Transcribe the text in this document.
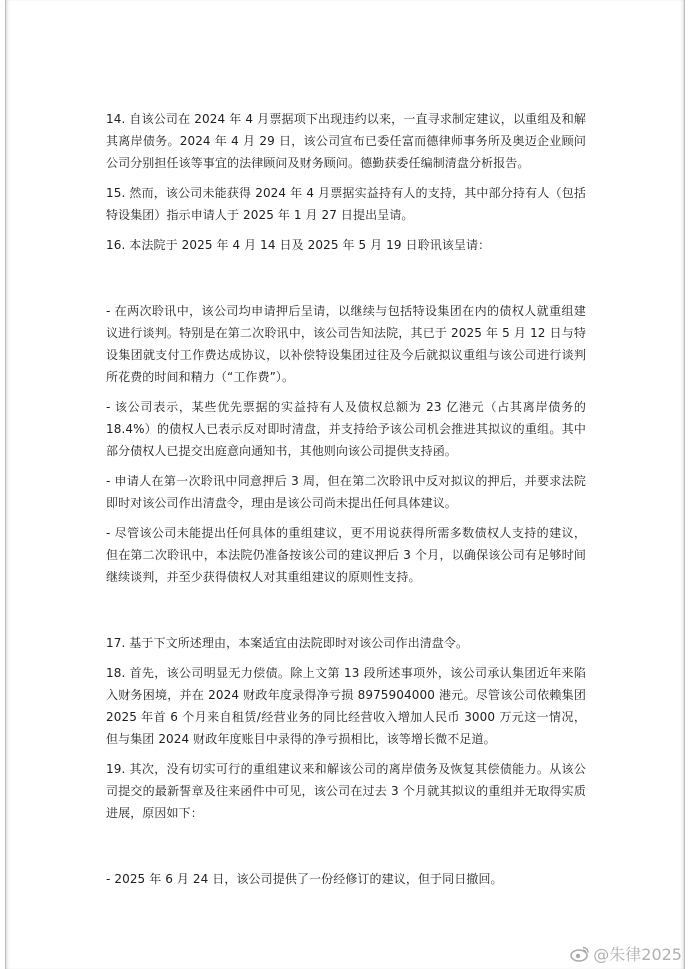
14. 自该公司在 2024 年 4 月票据项下出现违约以来，一直寻求制定建议，以重组及和解其离岸债务。2024 年 4 月 29 日，该公司宣布已委任富而德律师事务所及奥迈企业顾问公司分别担任该等事宜的法律顾问及财务顾问。德勤获委任编制清盘分析报告。

15. 然而，该公司未能获得 2024 年 4 月票据实益持有人的支持，其中部分持有人（包括特设集团）指示申请人于 2025 年 1 月 27 日提出呈请。

16. 本法院于 2025 年 4 月 14 日及 2025 年 5 月 19 日聆讯该呈请：

- 在两次聆讯中，该公司均申请押后呈请，以继续与包括特设集团在内的债权人就重组建议进行谈判。特别是在第二次聆讯中，该公司告知法院，其已于 2025 年 5 月 12 日与特设集团就支付工作费达成协议，以补偿特设集团过往及今后就拟议重组与该公司进行谈判所花费的时间和精力（“工作费”）。

- 该公司表示，某些优先票据的实益持有人及债权总额为 23 亿港元（占其离岸债务的 18.4%）的债权人已表示反对即时清盘，并支持给予该公司机会推进其拟议的重组。其中部分债权人已提交出庭意向通知书，其他则向该公司提供支持函。

- 申请人在第一次聆讯中同意押后 3 周，但在第二次聆讯中反对拟议的押后，并要求法院即时对该公司作出清盘令，理由是该公司尚未提出任何具体建议。

- 尽管该公司未能提出任何具体的重组建议，更不用说获得所需多数债权人支持的建议，但在第二次聆讯中，本法院仍准备按该公司的建议押后 3 个月，以确保该公司有足够时间继续谈判，并至少获得债权人对其重组建议的原则性支持。

17. 基于下文所述理由，本案适宜由法院即时对该公司作出清盘令。

18. 首先，该公司明显无力偿债。除上文第 13 段所述事项外，该公司承认集团近年来陷入财务困境，并在 2024 财政年度录得净亏损 8975904000 港元。尽管该公司依赖集团 2025 年首 6 个月来自租赁/经营业务的同比经营收入增加人民币 3000 万元这一情况，但与集团 2024 财政年度账目中录得的净亏损相比，该等增长微不足道。

19. 其次，没有切实可行的重组建议来和解该公司的离岸债务及恢复其偿债能力。从该公司提交的最新誓章及往来函件中可见，该公司在过去 3 个月就其拟议的重组并无取得实质进展，原因如下：

- 2025 年 6 月 24 日，该公司提供了一份经修订的建议，但于同日撤回。

@朱律2025
